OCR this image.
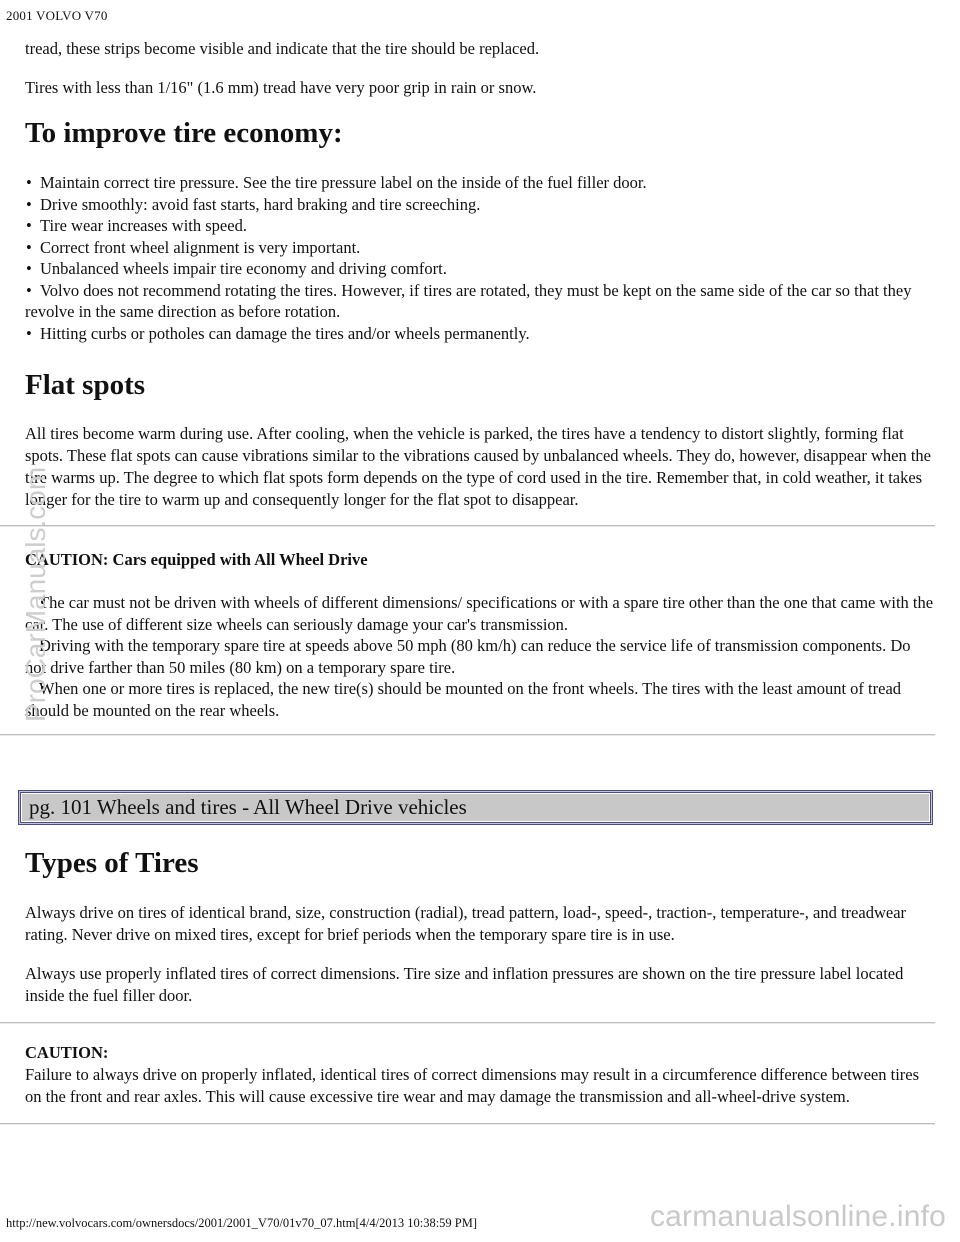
2001 VOLVO V70

tread, these strips become visible and indicate that the tire should be replaced.

Tires with less than 1/16" (1.6 mm) tread have very poor grip in rain or snow.

To improve tire economy:
• Maintain correct tire pressure. See the tire pressure label on the inside of the fuel filler door.
• Drive smoothly: avoid fast starts, hard braking and tire screeching.
• Tire wear increases with speed.
• Correct front wheel alignment is very important.
• Unbalanced wheels impair tire economy and driving comfort.
• Volvo does not recommend rotating the tires. However, if tires are rotated, they must be kept on the same side of the car so that they revolve in the same direction as before rotation.
• Hitting curbs or potholes can damage the tires and/or wheels permanently.
Flat spots

All tires become warm during use. After cooling, when the vehicle is parked, the tires have a tendency to distort slightly, forming flat spots. These flat spots can cause vibrations similar to the vibrations caused by unbalanced wheels. They do, however, disappear when the tire warms up. The degree to which flat spots form depends on the type of cord used in the tire. Remember that, in cold weather, it takes longer for the tire to warm up and consequently longer for the flat spot to disappear.

CAUTION: Cars equipped with All Wheel Drive

• The car must not be driven with wheels of different dimensions/ specifications or with a spare tire other than the one that came with the car. The use of different size wheels can seriously damage your car's transmission.
• Driving with the temporary spare tire at speeds above 50 mph (80 km/h) can reduce the service life of transmission components. Do not drive farther than 50 miles (80 km) on a temporary spare tire.
• When one or more tires is replaced, the new tire(s) should be mounted on the front wheels. The tires with the least amount of tread should be mounted on the rear wheels.
pg. 101 Wheels and tires - All Wheel Drive vehicles
Types of Tires

Always drive on tires of identical brand, size, construction (radial), tread pattern, load-, speed-, traction-, temperature-, and treadwear rating. Never drive on mixed tires, except for brief periods when the temporary spare tire is in use.

Always use properly inflated tires of correct dimensions. Tire size and inflation pressures are shown on the tire pressure label located inside the fuel filler door.

CAUTION:

Failure to always drive on properly inflated, identical tires of correct dimensions may result in a circumference difference between tires on the front and rear axles. This will cause excessive tire wear and may damage the transmission and all-wheel-drive system.

ProCarManuals.com
carmanualsonline.info
http://new.volvocars.com/ownersdocs/2001/2001_V70/01v70_07.htm[4/4/2013 10:38:59 PM]
